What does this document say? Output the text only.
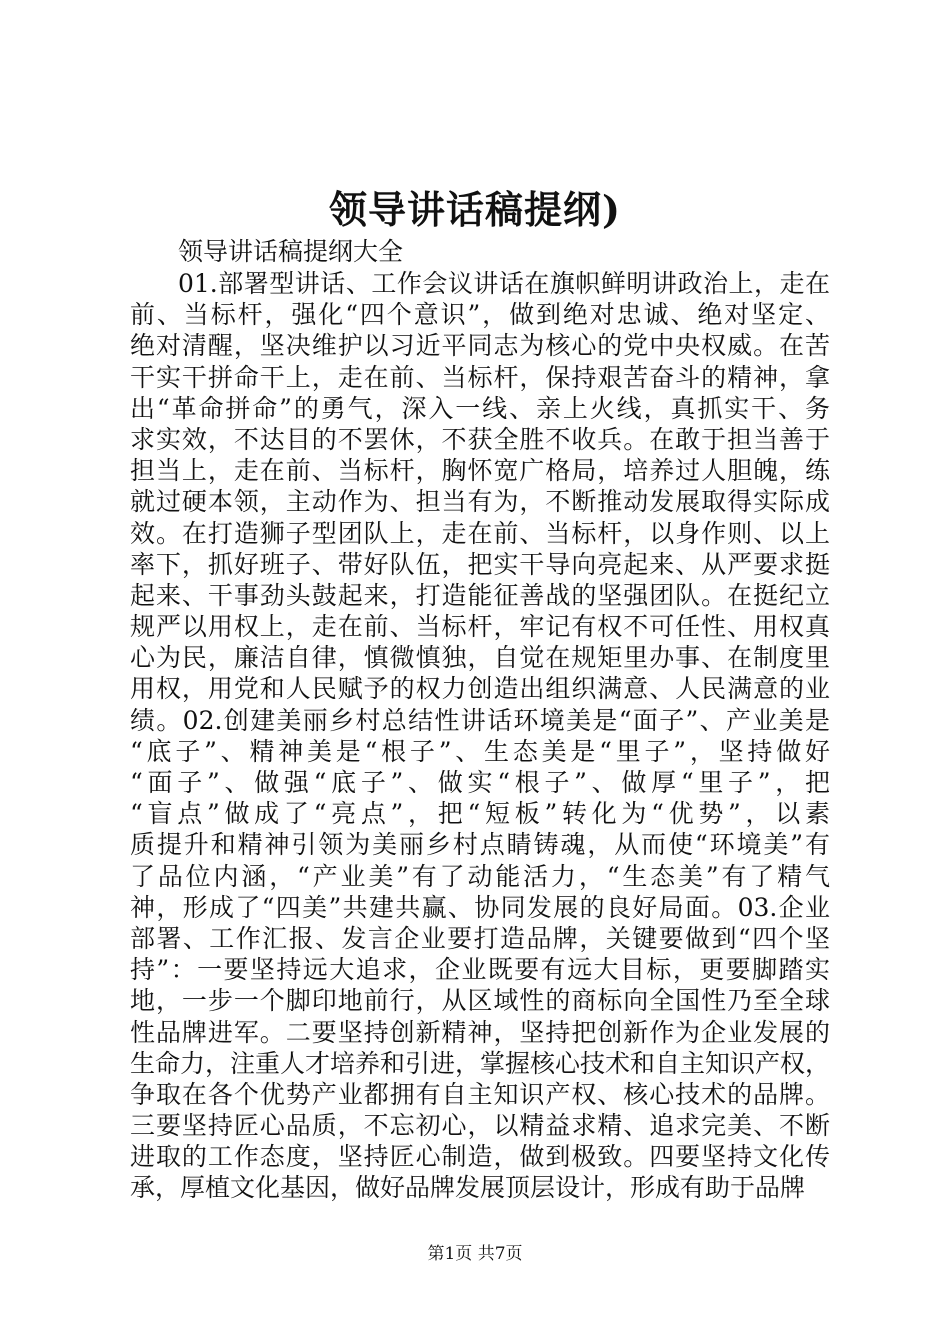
领导讲话稿提纲)
领导讲话稿提纲大全
01.部署型讲话、工作会议讲话在旗帜鲜明讲政治上，走在
前、当标杆，强化“四个意识”，做到绝对忠诚、绝对坚定、
绝对清醒，坚决维护以习近平同志为核心的党中央权威。在苦
干实干拼命干上，走在前、当标杆，保持艰苦奋斗的精神，拿
出“革命拼命”的勇气，深入一线、亲上火线，真抓实干、务
求实效，不达目的不罢休，不获全胜不收兵。在敢于担当善于
担当上，走在前、当标杆，胸怀宽广格局，培养过人胆魄，练
就过硬本领，主动作为、担当有为，不断推动发展取得实际成
效。在打造狮子型团队上，走在前、当标杆，以身作则、以上
率下，抓好班子、带好队伍，把实干导向亮起来、从严要求挺
起来、干事劲头鼓起来，打造能征善战的坚强团队。在挺纪立
规严以用权上，走在前、当标杆，牢记有权不可任性、用权真
心为民，廉洁自律，慎微慎独，自觉在规矩里办事、在制度里
用权，用党和人民赋予的权力创造出组织满意、人民满意的业
绩。02.创建美丽乡村总结性讲话环境美是“面子”、产业美是
“底子”、精神美是“根子”、生态美是“里子”，坚持做好
“面子”、做强“底子”、做实“根子”、做厚“里子”，把
“盲点”做成了“亮点”，把“短板”转化为“优势”，以素
质提升和精神引领为美丽乡村点睛铸魂，从而使“环境美”有
了品位内涵，“产业美”有了动能活力，“生态美”有了精气
神，形成了“四美”共建共赢、协同发展的良好局面。03.企业
部署、工作汇报、发言企业要打造品牌，关键要做到“四个坚
持”：一要坚持远大追求，企业既要有远大目标，更要脚踏实
地，一步一个脚印地前行，从区域性的商标向全国性乃至全球
性品牌进军。二要坚持创新精神，坚持把创新作为企业发展的
生命力，注重人才培养和引进，掌握核心技术和自主知识产权，
争取在各个优势产业都拥有自主知识产权、核心技术的品牌。
三要坚持匠心品质，不忘初心，以精益求精、追求完美、不断
进取的工作态度，坚持匠心制造，做到极致。四要坚持文化传
承，厚植文化基因，做好品牌发展顶层设计，形成有助于品牌
第1页 共7页
